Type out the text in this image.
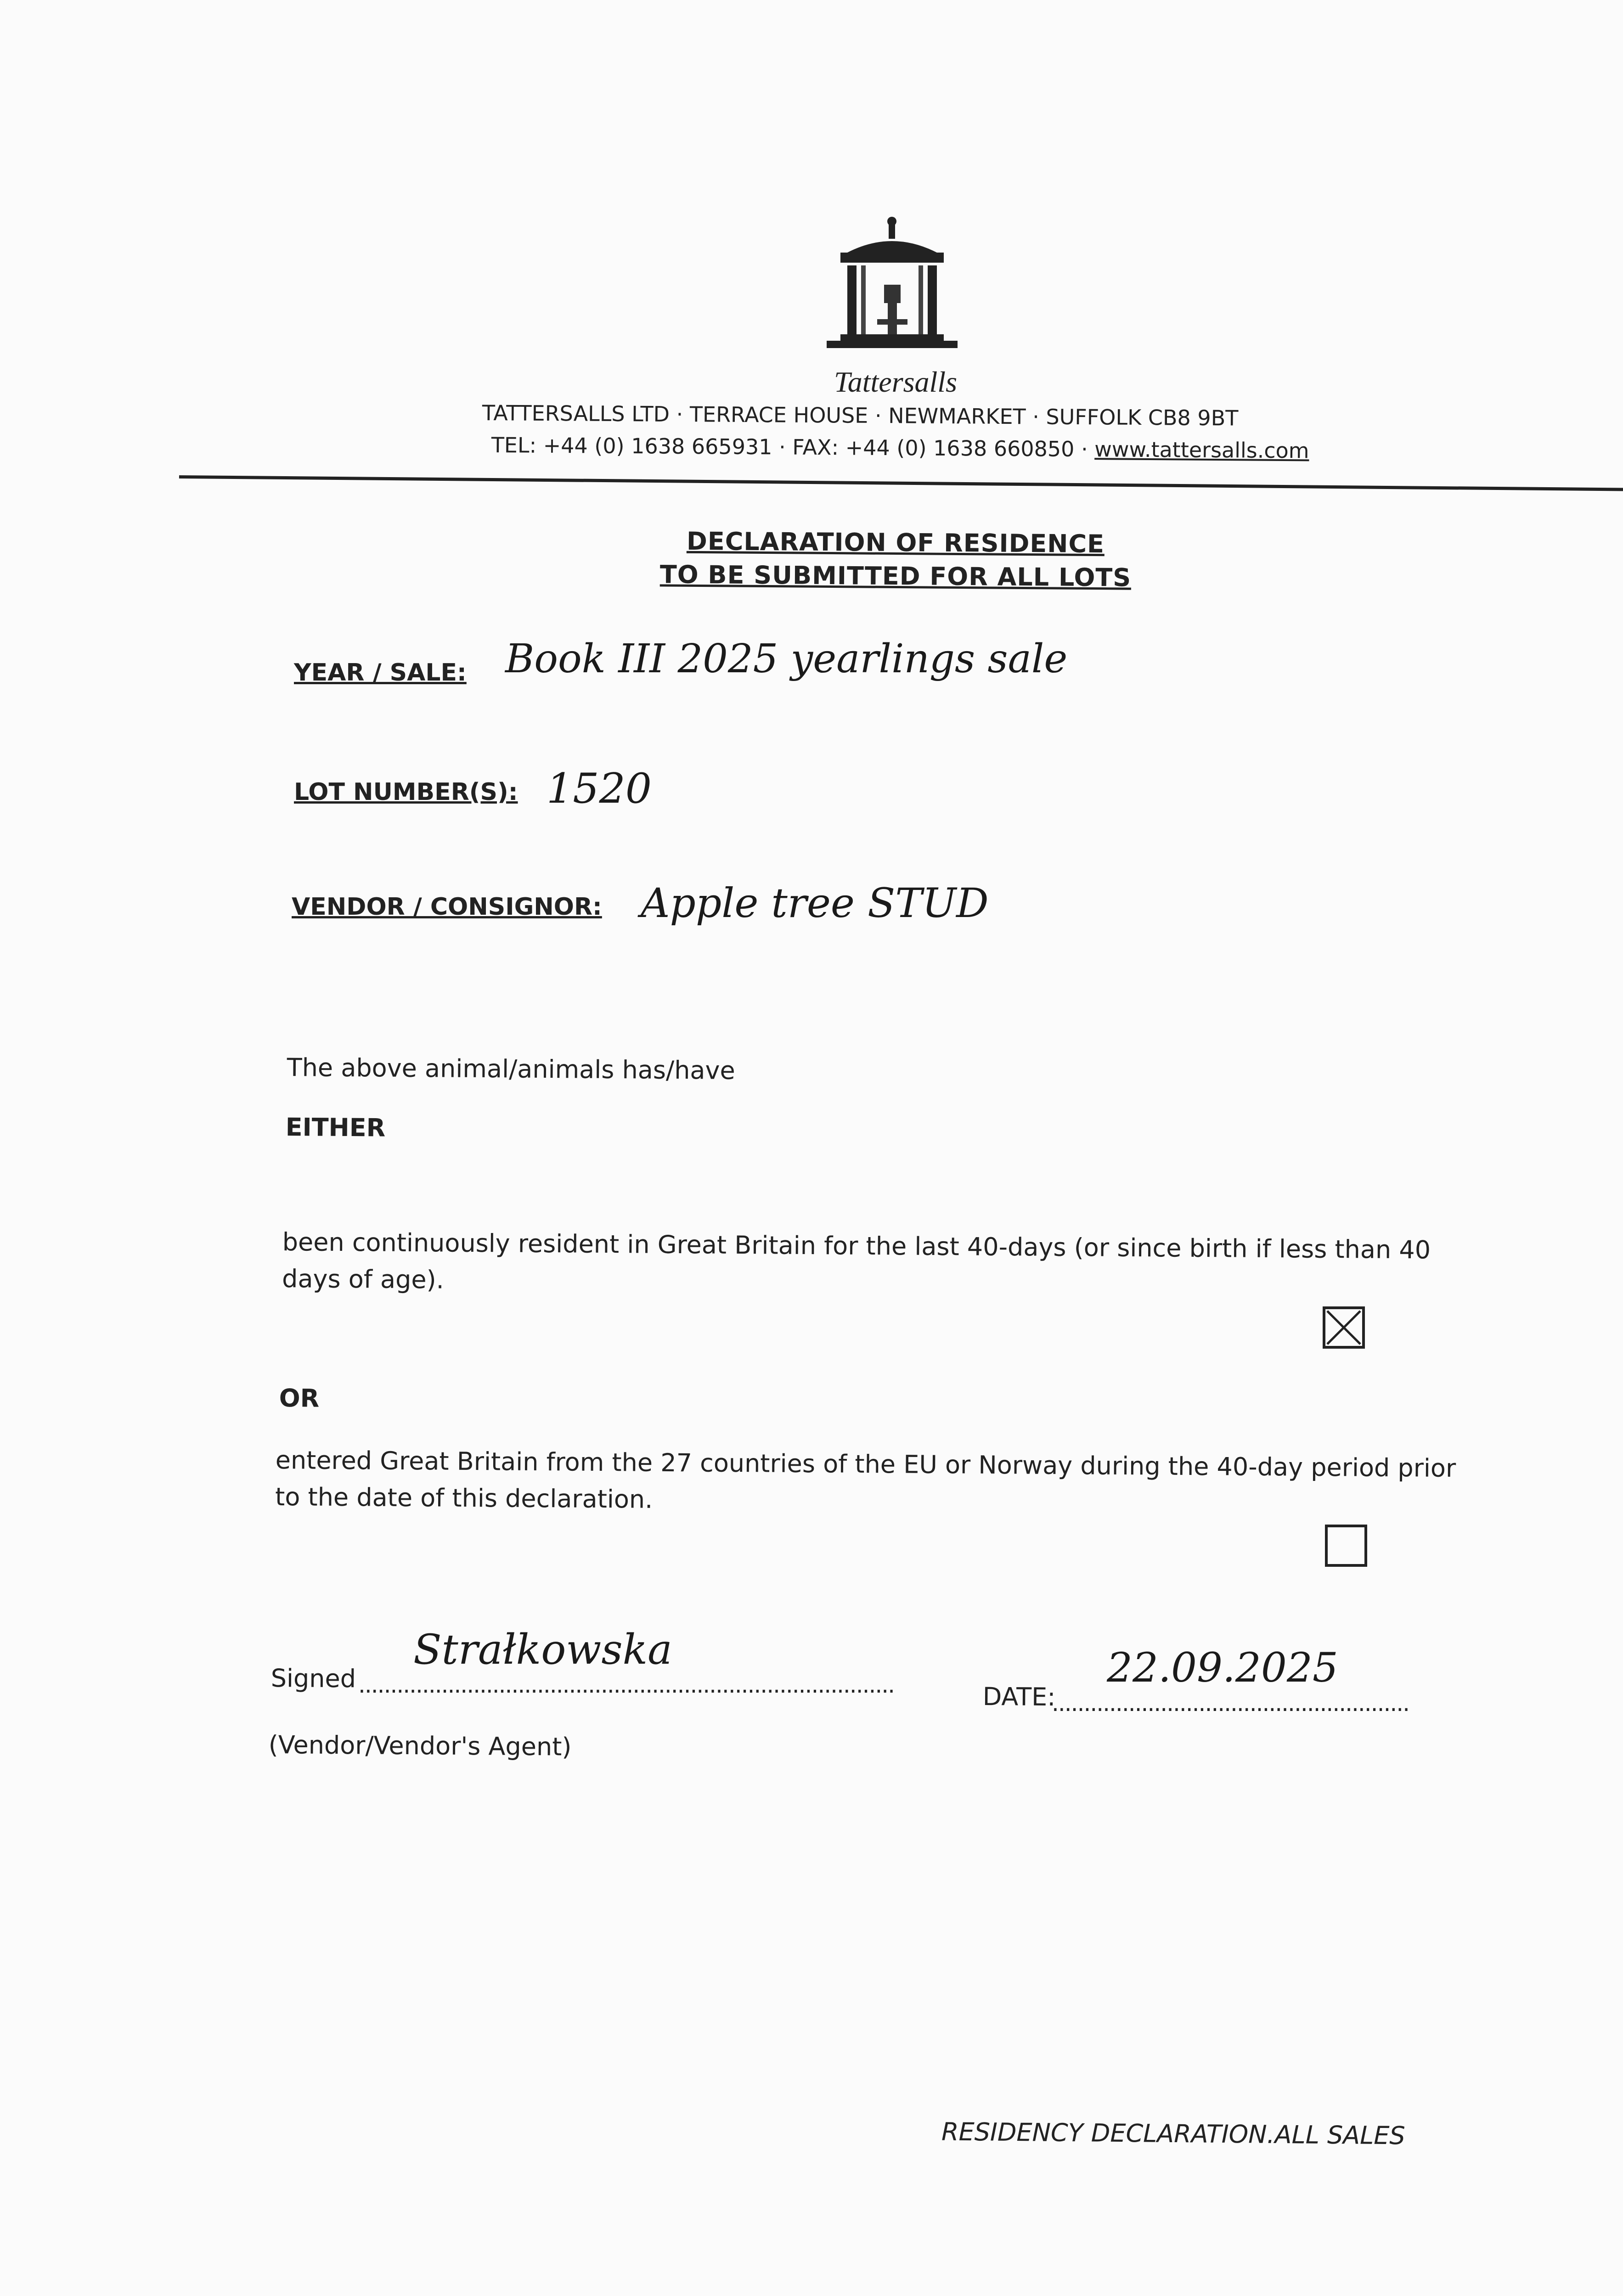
Tattersalls
TATTERSALLS LTD · TERRACE HOUSE · NEWMARKET · SUFFOLK CB8 9BT
TEL: +44 (0) 1638 665931 · FAX: +44 (0) 1638 660850 · www.tattersalls.com
DECLARATION OF RESIDENCE
TO BE SUBMITTED FOR ALL LOTS
YEAR / SALE: Book III 2025 yearlings sale
LOT NUMBER(S): 1520
VENDOR / CONSIGNOR: Apple tree STUD
The above animal/animals has/have
EITHER
been continuously resident in Great Britain for the last 40-days (or since birth if less than 40 days of age).
OR
entered Great Britain from the 27 countries of the EU or Norway during the 40-day period prior to the date of this declaration.
Signed ....................................................................................
Strałkowska
(Vendor/Vendor's Agent)
DATE:
........................................................
22.09.2025
RESIDENCY DECLARATION.ALL SALES
